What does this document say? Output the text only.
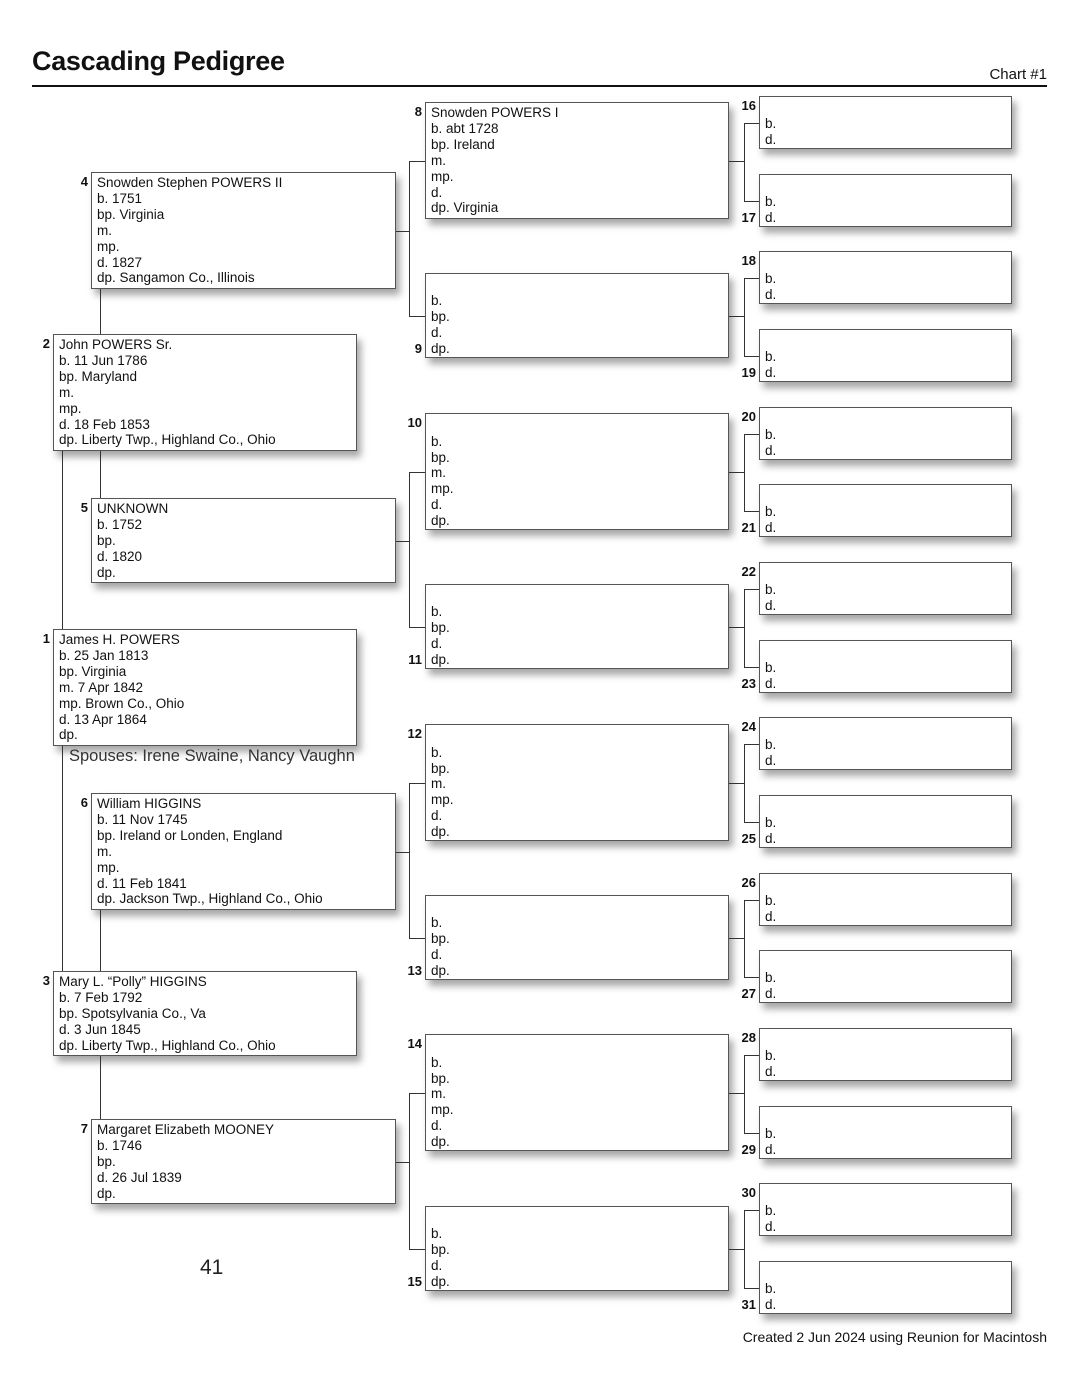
Cascading Pedigree	Chart #1
James H. POWERS
b. 25 Jan 1813
bp. Virginia
m. 7 Apr 1842
mp. Brown Co., Ohio
d. 13 Apr 1864
dp.
1
John POWERS Sr.
b. 11 Jun 1786
bp. Maryland
m.
mp.
d. 18 Feb 1853
dp. Liberty Twp., Highland Co., Ohio
2
Mary L. “Polly” HIGGINS
b. 7 Feb 1792
bp. Spotsylvania Co., Va
d. 3 Jun 1845
dp. Liberty Twp., Highland Co., Ohio
3
Snowden Stephen POWERS II
b. 1751
bp. Virginia
m.
mp.
d. 1827
dp. Sangamon Co., Illinois
4
UNKNOWN
b. 1752
bp.
d. 1820
dp.
5
William HIGGINS
b. 11 Nov 1745
bp. Ireland or Londen, England
m.
mp.
d. 11 Feb 1841
dp. Jackson Twp., Highland Co., Ohio
6
Margaret Elizabeth MOONEY
b. 1746
bp.
d. 26 Jul 1839
dp.
7
Snowden POWERS I
b. abt 1728
bp. Ireland
m.
mp.
d.
dp. Virginia
8

b.
bp.
d.
dp.
9

b.
bp.
m.
mp.
d.
dp.
10

b.
bp.
d.
dp.
11

b.
bp.
m.
mp.
d.
dp.
12

b.
bp.
d.
dp.
13

b.
bp.
m.
mp.
d.
dp.
14

b.
bp.
d.
dp.
15

b.
d.
16

b.
d.
17

b.
d.
18

b.
d.
19

b.
d.
20

b.
d.
21

b.
d.
22

b.
d.
23

b.
d.
24

b.
d.
25

b.
d.
26

b.
d.
27

b.
d.
28

b.
d.
29

b.
d.
30

b.
d.
31
Spouses: Irene Swaine, Nancy Vaughn
41
Created 2 Jun 2024 using Reunion for Macintosh
